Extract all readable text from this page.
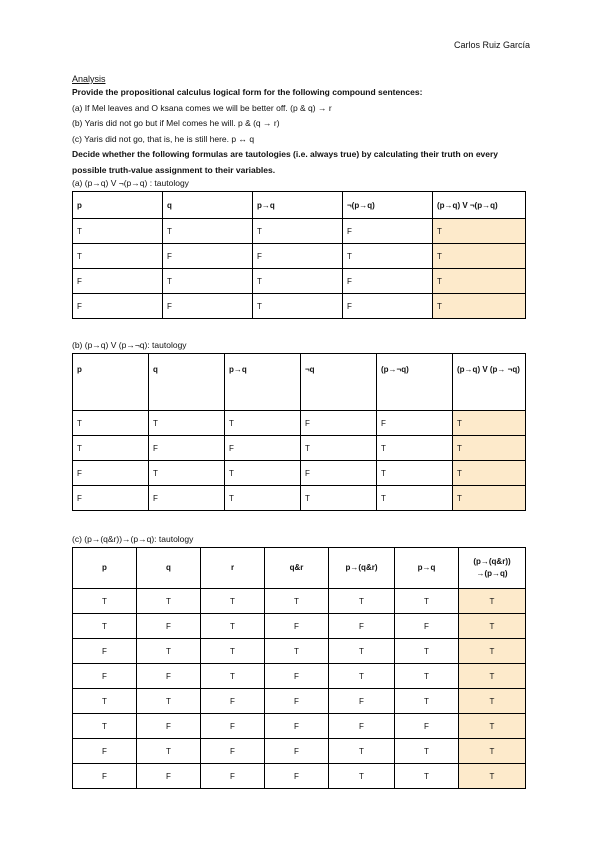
Carlos Ruiz García

Analysis

Provide the propositional calculus logical form for the following compound sentences:

(a) If Mel leaves and O ksana comes we will be better off. (p & q) → r

(b) Yaris did not go but if Mel comes he will. p & (q → r)

(c) Yaris did not go, that is, he is still here. p ↔ q

Decide whether the following formulas are tautologies (i.e. always true) by calculating their truth on every possible truth-value assignment to their variables.

(a) (p→q) V ¬(p→q) : tautology

p	q	p→q	¬(p→q)	(p→q) V ¬(p→q)
T	T	T	F	T
T	F	F	T	T
F	T	T	F	T
F	F	T	F	T

(b) (p→q) V (p→¬q): tautology

p	q	p→q	¬q	(p→¬q)	(p→q) V (p→ ¬q)
T	T	T	F	F	T
T	F	F	T	T	T
F	T	T	F	T	T
F	F	T	T	T	T

(c) (p→(q&r))→(p→q): tautology

p	q	r	q&r	p→(q&r)	p→q	(p→(q&r)) →(p→q)
T	T	T	T	T	T	T
T	F	T	F	F	F	T
F	T	T	T	T	T	T
F	F	T	F	T	T	T
T	T	F	F	F	T	T
T	F	F	F	F	F	T
F	T	F	F	T	T	T
F	F	F	F	T	T	T
